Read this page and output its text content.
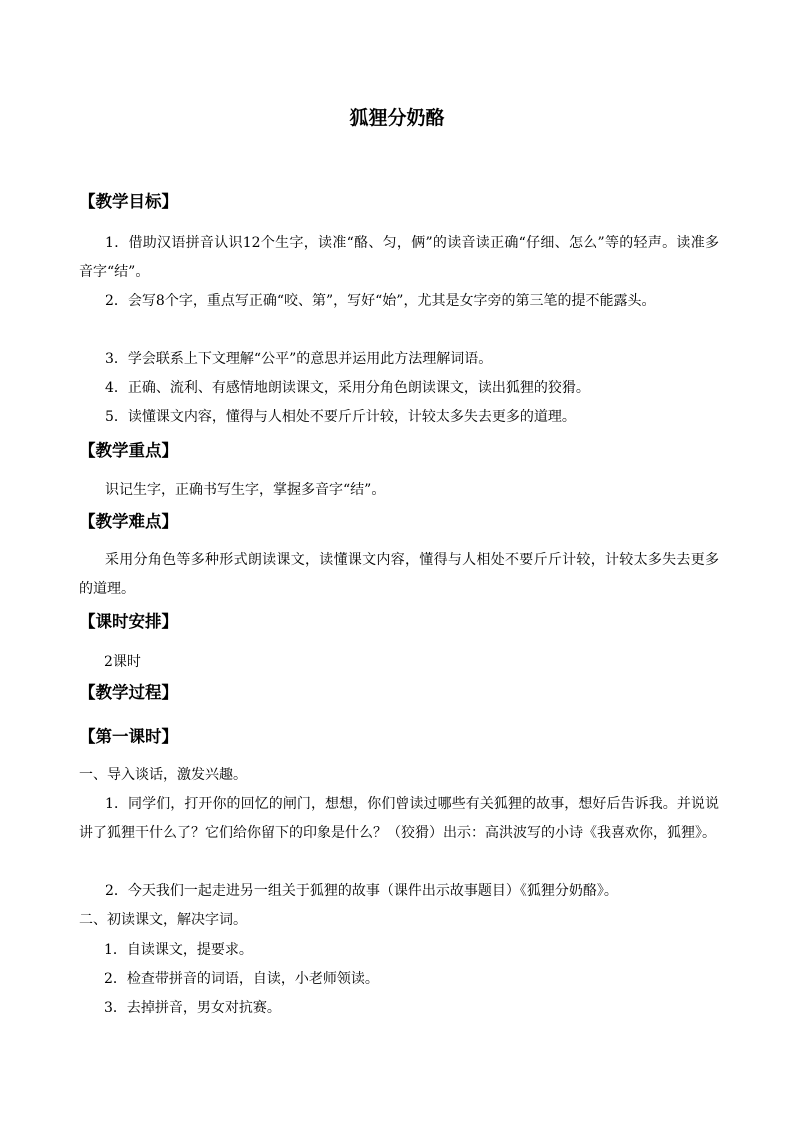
狐狸分奶酪
【教学目标】
1．借助汉语拼音认识12个生字，读准“酪、匀，俩”的读音读正确“仔细、怎么”等的轻声。读准多音字“结”。
2．会写8个字，重点写正确“咬、第”，写好“始”，尤其是女字旁的第三笔的提不能露头。
3．学会联系上下文理解“公平”的意思并运用此方法理解词语。
4．正确、流利、有感情地朗读课文，采用分角色朗读课文，读出狐狸的狡猾。
5．读懂课文内容，懂得与人相处不要斤斤计较，计较太多失去更多的道理。
【教学重点】
识记生字，正确书写生字，掌握多音字“结”。
【教学难点】
采用分角色等多种形式朗读课文，读懂课文内容，懂得与人相处不要斤斤计较，计较太多失去更多的道理。
【课时安排】
2课时
【教学过程】
【第一课时】
一、导入谈话，激发兴趣。
1．同学们，打开你的回忆的闸门，想想，你们曾读过哪些有关狐狸的故事，想好后告诉我。并说说讲了狐狸干什么了？它们给你留下的印象是什么？（狡猾）出示：高洪波写的小诗《我喜欢你，狐狸》。
2．今天我们一起走进另一组关于狐狸的故事（课件出示故事题目）《狐狸分奶酪》。
二、初读课文，解决字词。
1．自读课文，提要求。
2．检查带拼音的词语，自读，小老师领读。
3．去掉拼音，男女对抗赛。
